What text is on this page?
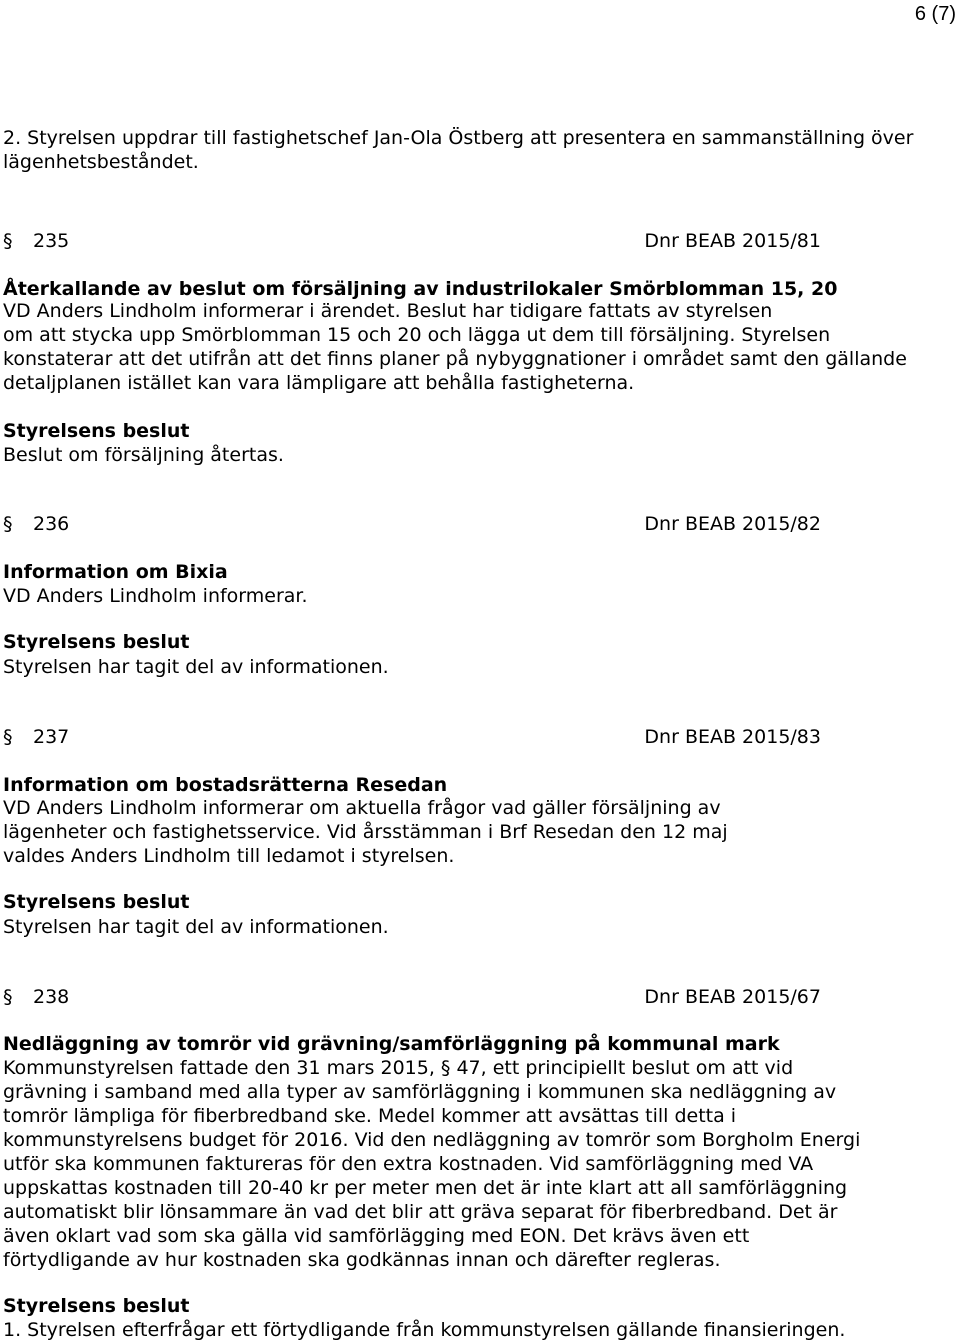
6 (7)
2. Styrelsen uppdrar till fastighetschef Jan-Ola Östberg att presentera en sammanställning över
lägenhetsbeståndet.
§ 235	Dnr BEAB 2015/81
Återkallande av beslut om försäljning av industrilokaler Smörblomman 15, 20
VD Anders Lindholm informerar i ärendet. Beslut har tidigare fattats av styrelsen
om att stycka upp Smörblomman 15 och 20 och lägga ut dem till försäljning. Styrelsen
konstaterar att det utifrån att det finns planer på nybyggnationer i området samt den gällande
detaljplanen istället kan vara lämpligare att behålla fastigheterna.
Styrelsens beslut
Beslut om försäljning återtas.
§ 236	Dnr BEAB 2015/82
Information om Bixia
VD Anders Lindholm informerar.
Styrelsens beslut
Styrelsen har tagit del av informationen.
§ 237	Dnr BEAB 2015/83
Information om bostadsrätterna Resedan
VD Anders Lindholm informerar om aktuella frågor vad gäller försäljning av
lägenheter och fastighetsservice. Vid årsstämman i Brf Resedan den 12 maj
valdes Anders Lindholm till ledamot i styrelsen.
Styrelsens beslut
Styrelsen har tagit del av informationen.
§ 238	Dnr BEAB 2015/67
Nedläggning av tomrör vid grävning/samförläggning på kommunal mark
Kommunstyrelsen fattade den 31 mars 2015, § 47, ett principiellt beslut om att vid
grävning i samband med alla typer av samförläggning i kommunen ska nedläggning av
tomrör lämpliga för fiberbredband ske. Medel kommer att avsättas till detta i
kommunstyrelsens budget för 2016. Vid den nedläggning av tomrör som Borgholm Energi
utför ska kommunen faktureras för den extra kostnaden. Vid samförläggning med VA
uppskattas kostnaden till 20-40 kr per meter men det är inte klart att all samförläggning
automatiskt blir lönsammare än vad det blir att gräva separat för fiberbredband. Det är
även oklart vad som ska gälla vid samförlägging med EON. Det krävs även ett
förtydligande av hur kostnaden ska godkännas innan och därefter regleras.
Styrelsens beslut
1. Styrelsen efterfrågar ett förtydligande från kommunstyrelsen gällande finansieringen.
